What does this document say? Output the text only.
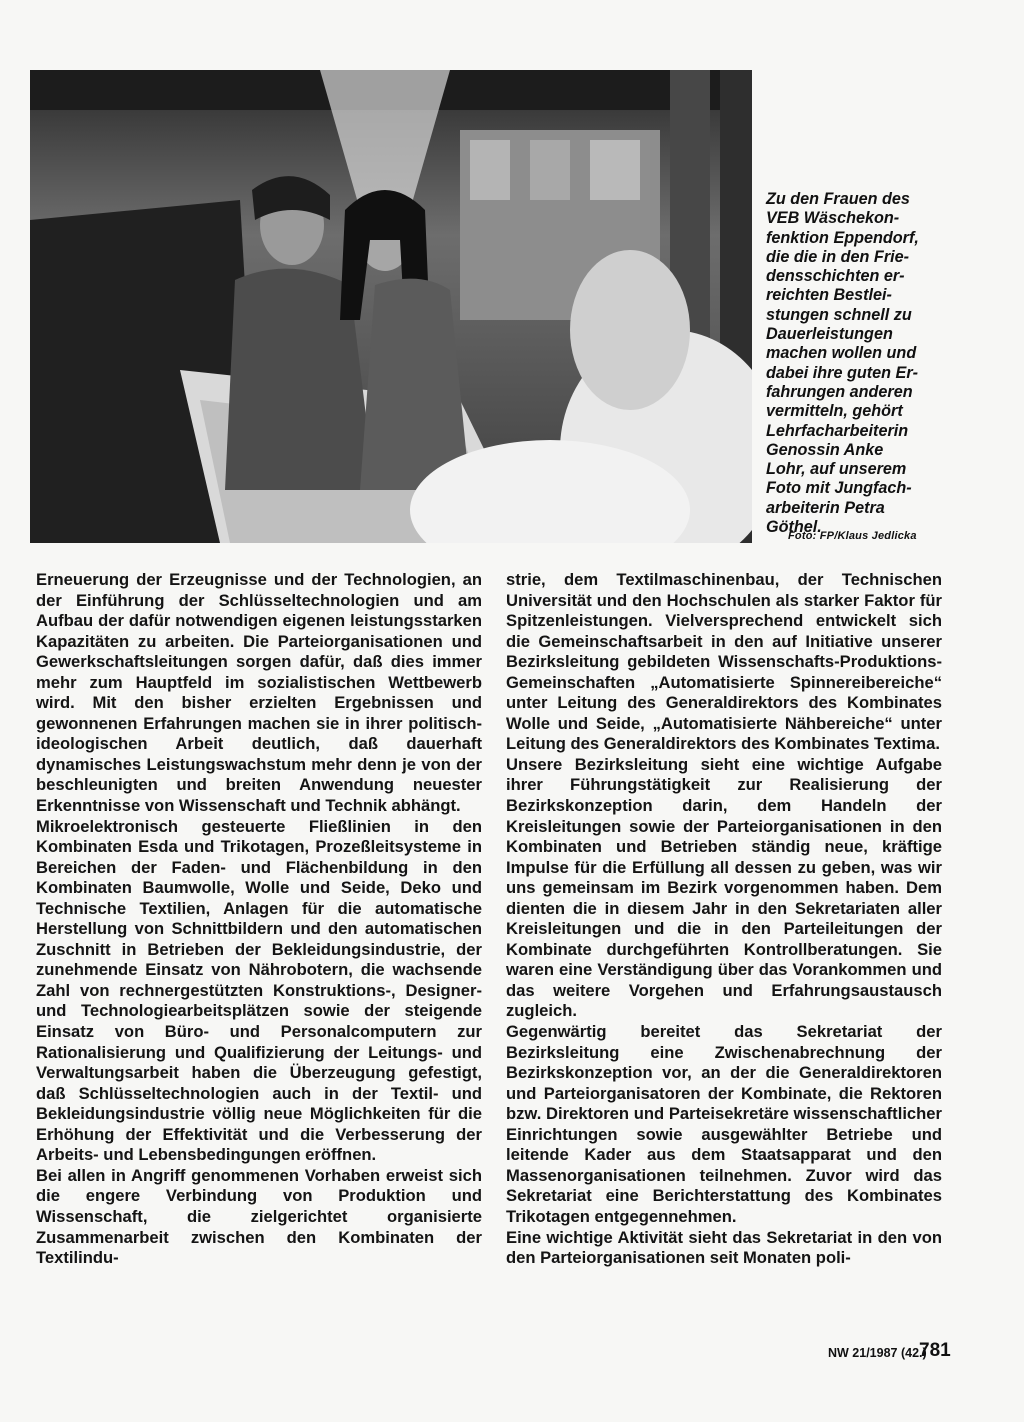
Zu den Frauen des

VEB Wäschekon-

fenktion Eppendorf,

die die in den Frie-

densschichten er-

reichten Bestlei-

stungen schnell zu

Dauerleistungen

machen wollen und

dabei ihre guten Er-

fahrungen anderen

vermitteln, gehört

Lehrfacharbeiterin

Genossin Anke

Lohr, auf unserem

Foto mit Jungfach-

arbeiterin Petra

Göthel.

Foto: FP/Klaus Jedlicka

Erneuerung der Erzeugnisse und der Technologien, an der Einführung der Schlüsseltechnologien und am Aufbau der dafür notwendigen eigenen leistungsstarken Kapazitäten zu arbeiten. Die Parteiorganisationen und Gewerkschaftsleitungen sorgen dafür, daß dies immer mehr zum Hauptfeld im sozialistischen Wettbewerb wird. Mit den bisher erzielten Ergebnissen und gewonnenen Erfahrungen machen sie in ihrer politisch-ideologischen Arbeit deutlich, daß dauerhaft dynamisches Leistungswachstum mehr denn je von der beschleunigten und breiten Anwendung neuester Erkenntnisse von Wissenschaft und Technik abhängt.

Mikroelektronisch gesteuerte Fließlinien in den Kombinaten Esda und Trikotagen, Prozeßleitsysteme in Bereichen der Faden- und Flächenbildung in den Kombinaten Baumwolle, Wolle und Seide, Deko und Technische Textilien, Anlagen für die automatische Herstellung von Schnittbildern und den automatischen Zuschnitt in Betrieben der Bekleidungsindustrie, der zunehmende Einsatz von Nährobotern, die wachsende Zahl von rechnergestützten Konstruktions-, Designer- und Technologiearbeitsplätzen sowie der steigende Einsatz von Büro- und Personalcomputern zur Rationalisierung und Qualifizierung der Leitungs- und Verwaltungsarbeit haben die Überzeugung gefestigt, daß Schlüsseltechnologien auch in der Textil- und Bekleidungsindustrie völlig neue Möglichkeiten für die Erhöhung der Effektivität und die Verbesserung der Arbeits- und Lebensbedingungen eröffnen.

Bei allen in Angriff genommenen Vorhaben erweist sich die engere Verbindung von Produktion und Wissenschaft, die zielgerichtet organisierte Zusammenarbeit zwischen den Kombinaten der Textilindu-

strie, dem Textilmaschinenbau, der Technischen Universität und den Hochschulen als starker Faktor für Spitzenleistungen. Vielversprechend entwickelt sich die Gemeinschaftsarbeit in den auf Initiative unserer Bezirksleitung gebildeten Wissenschafts-Produktions-Gemeinschaften „Automatisierte Spinnereibereiche“ unter Leitung des Generaldirektors des Kombinates Wolle und Seide, „Automatisierte Nähbereiche“ unter Leitung des Generaldirektors des Kombinates Textima.

Unsere Bezirksleitung sieht eine wichtige Aufgabe ihrer Führungstätigkeit zur Realisierung der Bezirkskonzeption darin, dem Handeln der Kreisleitungen sowie der Parteiorganisationen in den Kombinaten und Betrieben ständig neue, kräftige Impulse für die Erfüllung all dessen zu geben, was wir uns gemeinsam im Bezirk vorgenommen haben. Dem dienten die in diesem Jahr in den Sekretariaten aller Kreisleitungen und die in den Parteileitungen der Kombinate durchgeführten Kontrollberatungen. Sie waren eine Verständigung über das Vorankommen und das weitere Vorgehen und Erfahrungsaustausch zugleich.

Gegenwärtig bereitet das Sekretariat der Bezirksleitung eine Zwischenabrechnung der Bezirkskonzeption vor, an der die Generaldirektoren und Parteiorganisatoren der Kombinate, die Rektoren bzw. Direktoren und Parteisekretäre wissenschaftlicher Einrichtungen sowie ausgewählter Betriebe und leitende Kader aus dem Staatsapparat und den Massenorganisationen teilnehmen. Zuvor wird das Sekretariat eine Berichterstattung des Kombinates Trikotagen entgegennehmen.

Eine wichtige Aktivität sieht das Sekretariat in den von den Parteiorganisationen seit Monaten poli-

NW 21/1987 (42.)
781
